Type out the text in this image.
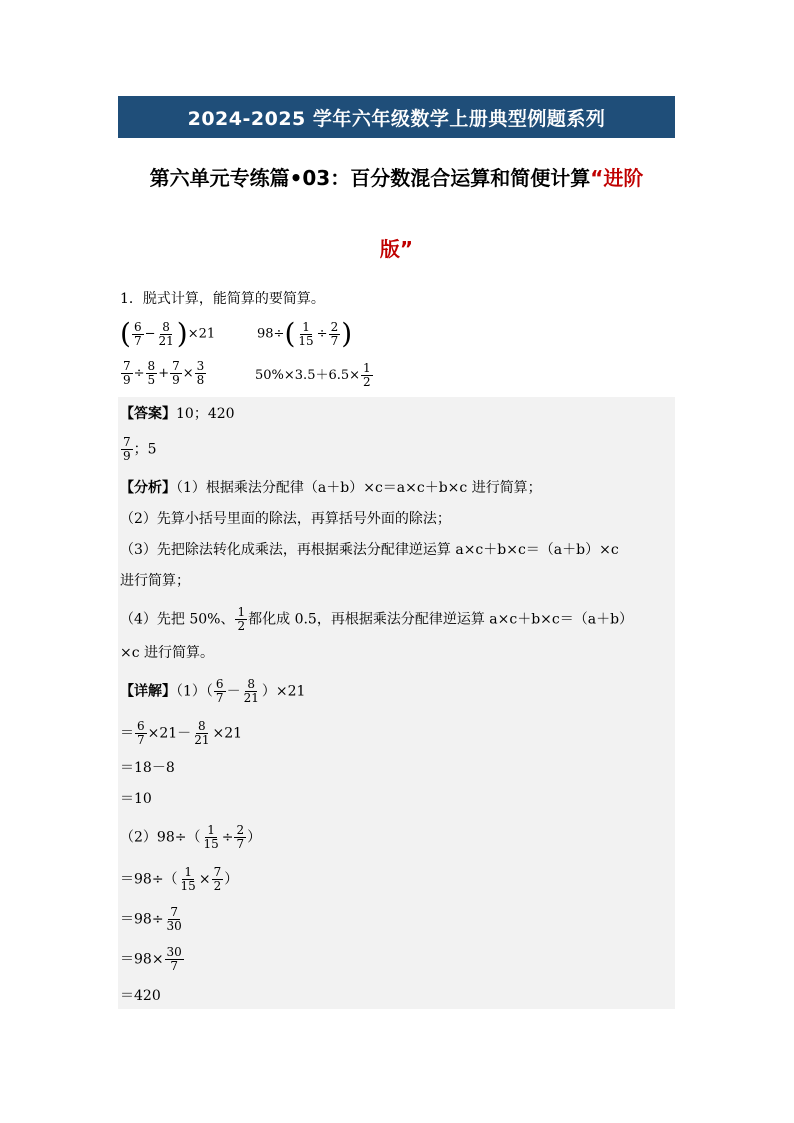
2024-2025 学年六年级数学上册典型例题系列
第六单元专练篇•03：百分数混合运算和简便计算“进阶
版”
1．脱式计算，能简算的要简算。
( $\frac{6}{7} - \frac{8}{21} )\times 21$	$98\div( \frac{1}{15} \div \frac{2}{7}$ )
$\frac{7}{9} \div \frac{8}{5} + \frac{7}{9} \times \frac{3}{8}$	$50\%\times 3.5+6.5\times \frac{1}{2}$
【答案】10；420
$\frac{7}{9}$ ；5
【分析】（1）根据乘法分配律（a＋b）×c＝a×c＋b×c 进行简算；
（2）先算小括号里面的除法，再算括号外面的除法；
（3）先把除法转化成乘法，再根据乘法分配律逆运算 a×c＋b×c＝（a＋b）×c
进行简算；
（4）先把 50%、 $\frac{1}{2}$ 都化成 0.5，再根据乘法分配律逆运算 a×c＋b×c＝（a＋b）
×c 进行简算。
【详解】$(1)( \frac{6}{7} - \frac{8}{21} )\times 21$
＝ $\frac{6}{7} \times 21- \frac{8}{21} \times 21$
＝18－8
＝10
$(2)98\div( \frac{1}{15} \div \frac{2}{7}$ ）
$=98\div( \frac{1}{15} \times \frac{7}{2}$ ）
$=98\div \frac{7}{30}$
$=98\times \frac{30}{7}$
＝420
